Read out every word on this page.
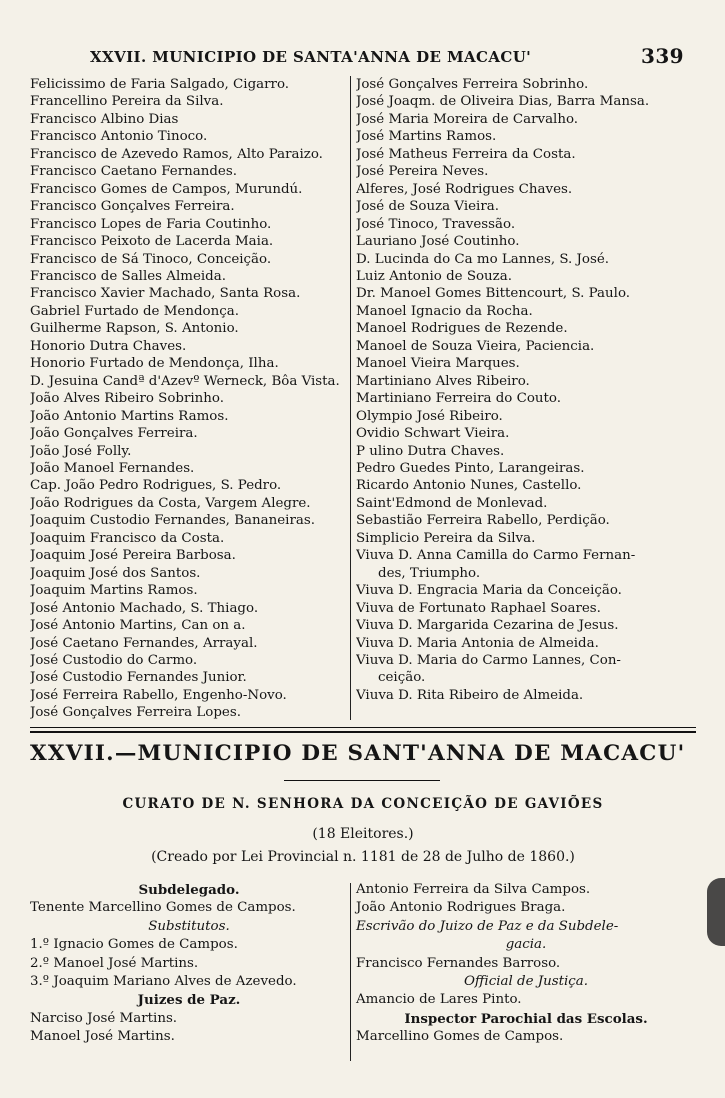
XXVII. MUNICIPIO DE SANTA'ANNA DE MACACU'	339
Felicissimo de Faria Salgado, Cigarro.
Francellino Pereira da Silva.
Francisco Albino Dias
Francisco Antonio Tinoco.
Francisco de Azevedo Ramos, Alto Paraizo.
Francisco Caetano Fernandes.
Francisco Gomes de Campos, Murundú.
Francisco Gonçalves Ferreira.
Francisco Lopes de Faria Coutinho.
Francisco Peixoto de Lacerda Maia.
Francisco de Sá Tinoco, Conceição.
Francisco de Salles Almeida.
Francisco Xavier Machado, Santa Rosa.
Gabriel Furtado de Mendonça.
Guilherme Rapson, S. Antonio.
Honorio Dutra Chaves.
Honorio Furtado de Mendonça, Ilha.
D. Jesuina Candª d'Azevº Werneck, Bôa Vista.
João Alves Ribeiro Sobrinho.
João Antonio Martins Ramos.
João Gonçalves Ferreira.
João José Folly.
João Manoel Fernandes.
Cap. João Pedro Rodrigues, S. Pedro.
João Rodrigues da Costa, Vargem Alegre.
Joaquim Custodio Fernandes, Bananeiras.
Joaquim Francisco da Costa.
Joaquim José Pereira Barbosa.
Joaquim José dos Santos.
Joaquim Martins Ramos.
José Antonio Machado, S. Thiago.
José Antonio Martins, Can on a.
José Caetano Fernandes, Arrayal.
José Custodio do Carmo.
José Custodio Fernandes Junior.
José Ferreira Rabello, Engenho-Novo.
José Gonçalves Ferreira Lopes.
José Gonçalves Ferreira Sobrinho.
José Joaqm. de Oliveira Dias, Barra Mansa.
José Maria Moreira de Carvalho.
José Martins Ramos.
José Matheus Ferreira da Costa.
José Pereira Neves.
Alferes, José Rodrigues Chaves.
José de Souza Vieira.
José Tinoco, Travessão.
Lauriano José Coutinho.
D. Lucinda do Ca mo Lannes, S. José.
Luiz Antonio de Souza.
Dr. Manoel Gomes Bittencourt, S. Paulo.
Manoel Ignacio da Rocha.
Manoel Rodrigues de Rezende.
Manoel de Souza Vieira, Paciencia.
Manoel Vieira Marques.
Martiniano Alves Ribeiro.
Martiniano Ferreira do Couto.
Olympio José Ribeiro.
Ovidio Schwart Vieira.
P ulino Dutra Chaves.
Pedro Guedes Pinto, Larangeiras.
Ricardo Antonio Nunes, Castello.
Saint'Edmond de Monlevad.
Sebastião Ferreira Rabello, Perdição.
Simplicio Pereira da Silva.
Viuva D. Anna Camilla do Carmo Fernan-
des, Triumpho.
Viuva D. Engracia Maria da Conceição.
Viuva de Fortunato Raphael Soares.
Viuva D. Margarida Cezarina de Jesus.
Viuva D. Maria Antonia de Almeida.
Viuva D. Maria do Carmo Lannes, Con-
ceição.
Viuva D. Rita Ribeiro de Almeida.
XXVII.—MUNICIPIO DE SANT'ANNA DE MACACU'
CURATO DE N. SENHORA DA CONCEIÇÃO DE GAVIÕES
(18 Eleitores.)
(Creado por Lei Provincial n. 1181 de 28 de Julho de 1860.)
Subdelegado.
Tenente Marcellino Gomes de Campos.
Substitutos.
1.º Ignacio Gomes de Campos.
2.º Manoel José Martins.
3.º Joaquim Mariano Alves de Azevedo.
Juizes de Paz.
Narciso José Martins.
Manoel José Martins.
Antonio Ferreira da Silva Campos.
João Antonio Rodrigues Braga.
Escrivão do Juizo de Paz e da Subdele-
gacia.
Francisco Fernandes Barroso.
Official de Justiça.
Amancio de Lares Pinto.
Inspector Parochial das Escolas.
Marcellino Gomes de Campos.
